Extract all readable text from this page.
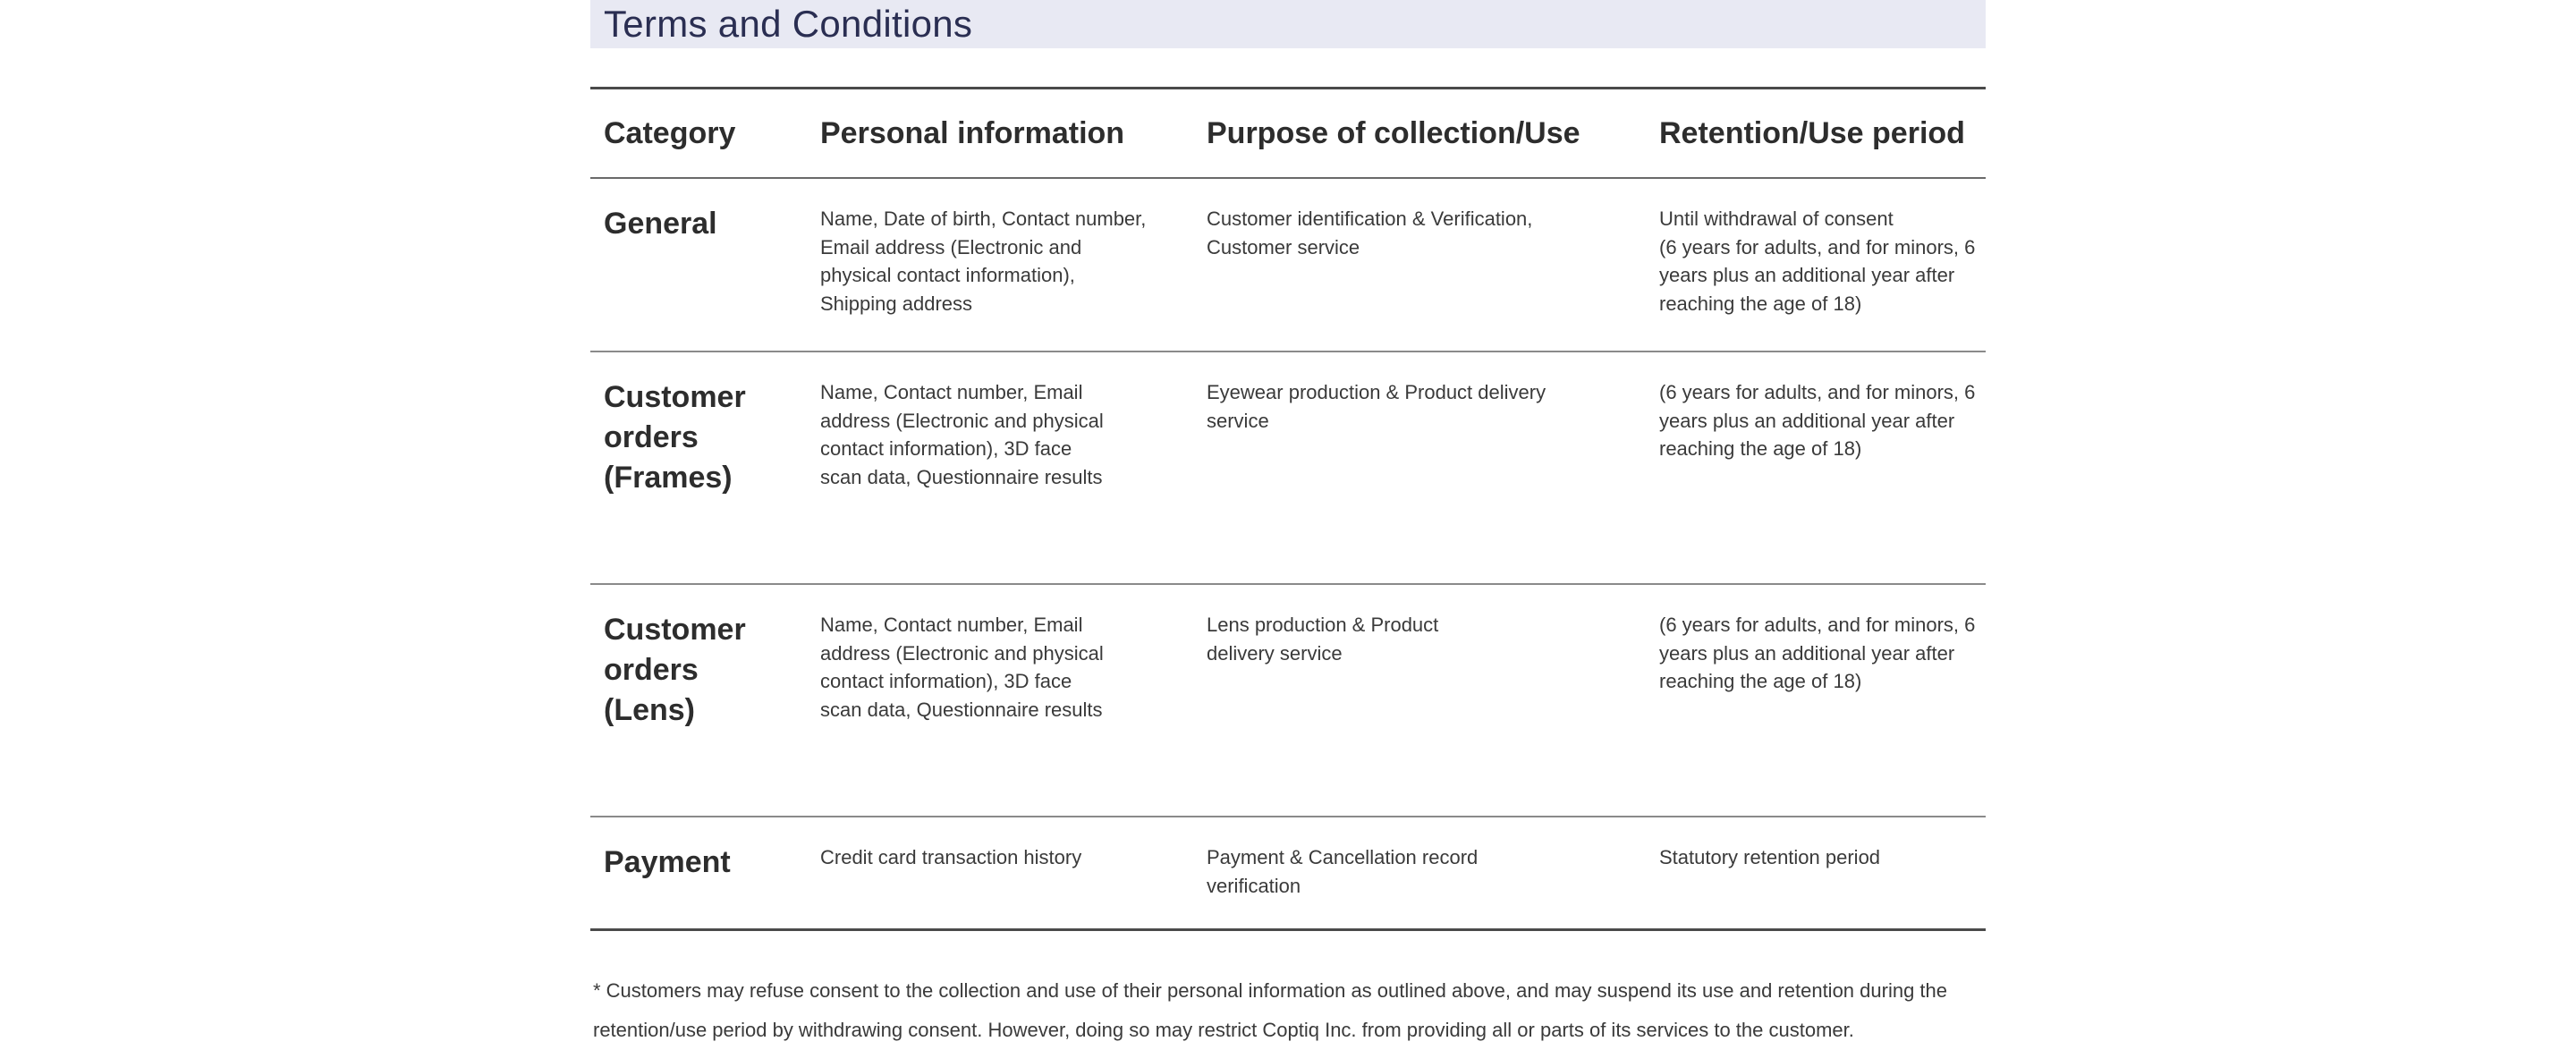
Terms and Conditions
Category	Personal information	Purpose of collection/Use	Retention/Use period
General	Name, Date of birth, Contact number, Email address (Electronic and physical contact information), Shipping address	Customer identification & Verification, Customer service	Until withdrawal of consent
(6 years for adults, and for minors, 6 years plus an additional year after reaching the age of 18)
Customer orders (Frames)	Name, Contact number, Email address (Electronic and physical contact information), 3D face scan data, Questionnaire results	Eyewear production & Product delivery service	(6 years for adults, and for minors, 6 years plus an additional year after reaching the age of 18)
Customer orders (Lens)	Name, Contact number, Email address (Electronic and physical contact information), 3D face scan data, Questionnaire results	Lens production & Product delivery service	(6 years for adults, and for minors, 6 years plus an additional year after reaching the age of 18)
Payment	Credit card transaction history	Payment & Cancellation record verification	Statutory retention period
* Customers may refuse consent to the collection and use of their personal information as outlined above, and may suspend its use and retention during the retention/use period by withdrawing consent. However, doing so may restrict Coptiq Inc. from providing all or parts of its services to the customer.
